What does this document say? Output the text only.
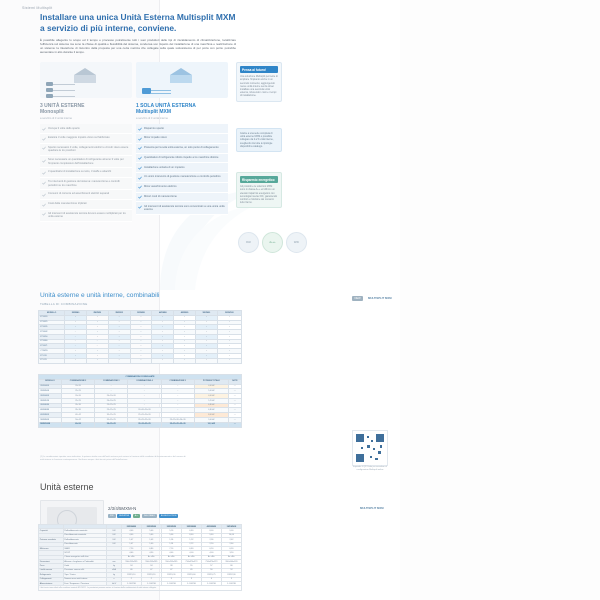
Sistemi Multisplit
Installare una unica Unità Esterna Multisplit MXM
a servizio di più interne, conviene.
È possibile allegerire lo scopo ed il tempo e processo potralmente tutti i suoi produttori delle tipi di riscaldamento di climatizzazione, localizzare l'efficienza sul sistema ma sono la chiave di qualità e flessibilità del sistema, condensa son rispetto del installazione di una macchina e realizzazione di un sistema: la rilevazione di riscontro della proposta per una certa metrica che collegate sulla quale sottosistema di per porta con porta: potrebbe aumentare in alto durante il tempo.
3 UNITÀ ESTERNE
Monosplit
a servizio di 3 unità interne
Occupa 3 volte dello spazio
Estetica 3 volte maggiore impatto visivo sul fabbricato
Spazio necessario 3 volte, collegamenti elettrici e circuiti: deve essere quadrare le tre posizioni
Sono necessarie un quantitativo di refrigerante almeno 3 volte per l'impianto complessivo dell'installazione
3 quantitativi di installazione su tetto, 3 staffe e attacchi
Tre interventi di gestione del sistema: manutenzione e controlli periodici su tre macchine
Consumi di corrente ed assorbimenti elettrici separati
Costi della manutenzione triplicati
Gli interventi di assistenza tecnica devono essere moltiplicati per tre unità esterne
1 SOLA UNITÀ ESTERNA
Multisplit MXM
a servizio di 3 unità interne
Risparmio spazio
Minor impatto visivo
Presenta per la sola unità esterna, un solo punto di collegamento
Quantitativo di refrigerante ridotto rispetto a tre macchine distinte
Installazione unitaria di un impianto
Un unico intervento di gestione manutenzione e controllo periodico
Minor assorbimento elettrico
Minori costi di manutenzione
Gli interventi di assistenza tecnica sono concentrati su una unica unità esterna
Pensa al futuro!

Una soluzione Multisplit permette di ampliare l'impianto anche in un secondo momento, aggiungendo nuove unità interne senza dover installare una seconda unità esterna, riducendo i costi e i tempi di installazione.

Grazie a una serie completa di unità esterne MXM è possibile collegare da 2 a 5 unità interne, scegliendo tra tutte le tipologie disponibili a catalogo.

Risparmio energetico

Gli prodotti e le soluzioni MXM sono in classe A++ ed offrono un elevato risparmio energetico con tecnologia inverter DC, garantendo comfort e riduzione dei consumi tutto l'anno.

R32	A+++	WiFi
Unità esterne e unità interne, combinabili
TABELLA DI COMBINAZIONE
NEW	MULTISPLIT MXM
MODELLO	2MXM40	2MXM50	3MXM52	3MXM68	4MXM68	4MXM80	5MXM90	5MXM100
FTXM20	•	•	•	•	•	•	•	•
FTXM25	•	•	•	•	•	•	•	•
FTXM35	•	•	•	•	•	•	•	•
FTXM42	–	•	•	•	•	•	•	•
FTXM50	–	•	•	•	•	•	•	•
FTXM60	–	–	•	•	•	•	•	•
FTXM71	–	–	–	•	•	•	•	•
CTXM15	•	•	•	•	•	•	•	•
FTXJ20	•	•	•	•	•	•	•	•
FTXJ25	•	•	•	•	•	•	•	•
COMBINAZIONI CONSIGLIATE						
MODELLO	COMBINAZIONE 2	COMBINAZIONE 3	COMBINAZIONE 4	COMBINAZIONE 5	POTENZA TOTALE	NOTE
2MXM40N	20+20	–	–	–	4,0 kW	—
2MXM50N	25+25	–	–	–	5,0 kW	—
3MXM40N	20+20	20+20+20	–	–	4,0 kW	—
3MXM52N	25+25	20+20+25	–	–	5,2 kW	—
3MXM68N	35+35	25+25+25	–	–	6,8 kW	—
4MXM68N	35+35	25+25+25	20+20+20+20	–	6,8 kW	—
4MXM80N	42+42	35+25+25	25+25+20+20	–	8,0 kW	—
5MXM90N	50+42	35+35+25	35+25+25+20	25+25+20+20+20	9,0 kW	—
5MXM100N	60+50	50+35+25	35+35+25+25	25+25+25+25+20	10,0 kW	—
Inquadra il QR Code per accedere al configuratore Multisplit online
(1) Le combinazioni riportate sono indicative: la potenza totale resa dall'unità esterna può variare in funzione delle condizioni di funzionamento e del numero di unità interne in funzione contemporanea. Verificare sempre i dati tecnici prima dell'installazione.
Unità esterne
2/3/4/5MXM-N
R32	INVERTER	A++	WiFi READY	BLUEVOLUTION
MULTISPLIT MXM
			2MXM40N	2MXM50N	3MXM52N	3MXM68N	4MXM80N	5MXM90N
Capacità	Raffreddamento nominale	kW	4,00	5,00	5,20	6,80	8,00	9,00
	Riscaldamento nominale	kW	4,40	5,60	5,60	8,60	9,60	10,00
Potenza assorbita	Raffreddamento	kW	1,07	1,43	1,36	1,92	2,36	2,62
	Riscaldamento	kW	1,07	1,40	1,34	2,22	2,50	2,64
Efficienza	SEER		7,20	6,80	7,10	6,80	6,50	6,30
	SCOP		4,60	4,30	4,40	4,00	4,00	3,90
	Classe energetica raffr./risc.		A++/A+	A++/A+	A++/A+	A++/A+	A++/A+	A++/A+
Dimensioni	Altezza x Larghezza x Profondità	mm	550x765x285	550x765x285	550x765x285	734x870x373	734x870x373	990x940x320
Peso	Unità	kg	34	34	38	55	57	80
Livello sonoro	Pressione sonora raffr.	dBA	46	47	47	49	50	52
Refrigerante	Tipo / Carica	kg	R32/1,10	R32/1,20	R32/1,30	R32/1,60	R32/1,75	R32/2,30
Collegamenti	Numero max unità interne	n	2	2	3	3	4	5
Alimentazione	Fasi / Frequenza / Tensione	Hz/V	1~/50/230	1~/50/230	1~/50/230	1~/50/230	1~/50/230	1~/50/230
I dati tecnici sono riferiti alle condizioni nominali EN 14511. Le prestazioni possono variare in funzione delle combinazioni di unità interne collegate.								
